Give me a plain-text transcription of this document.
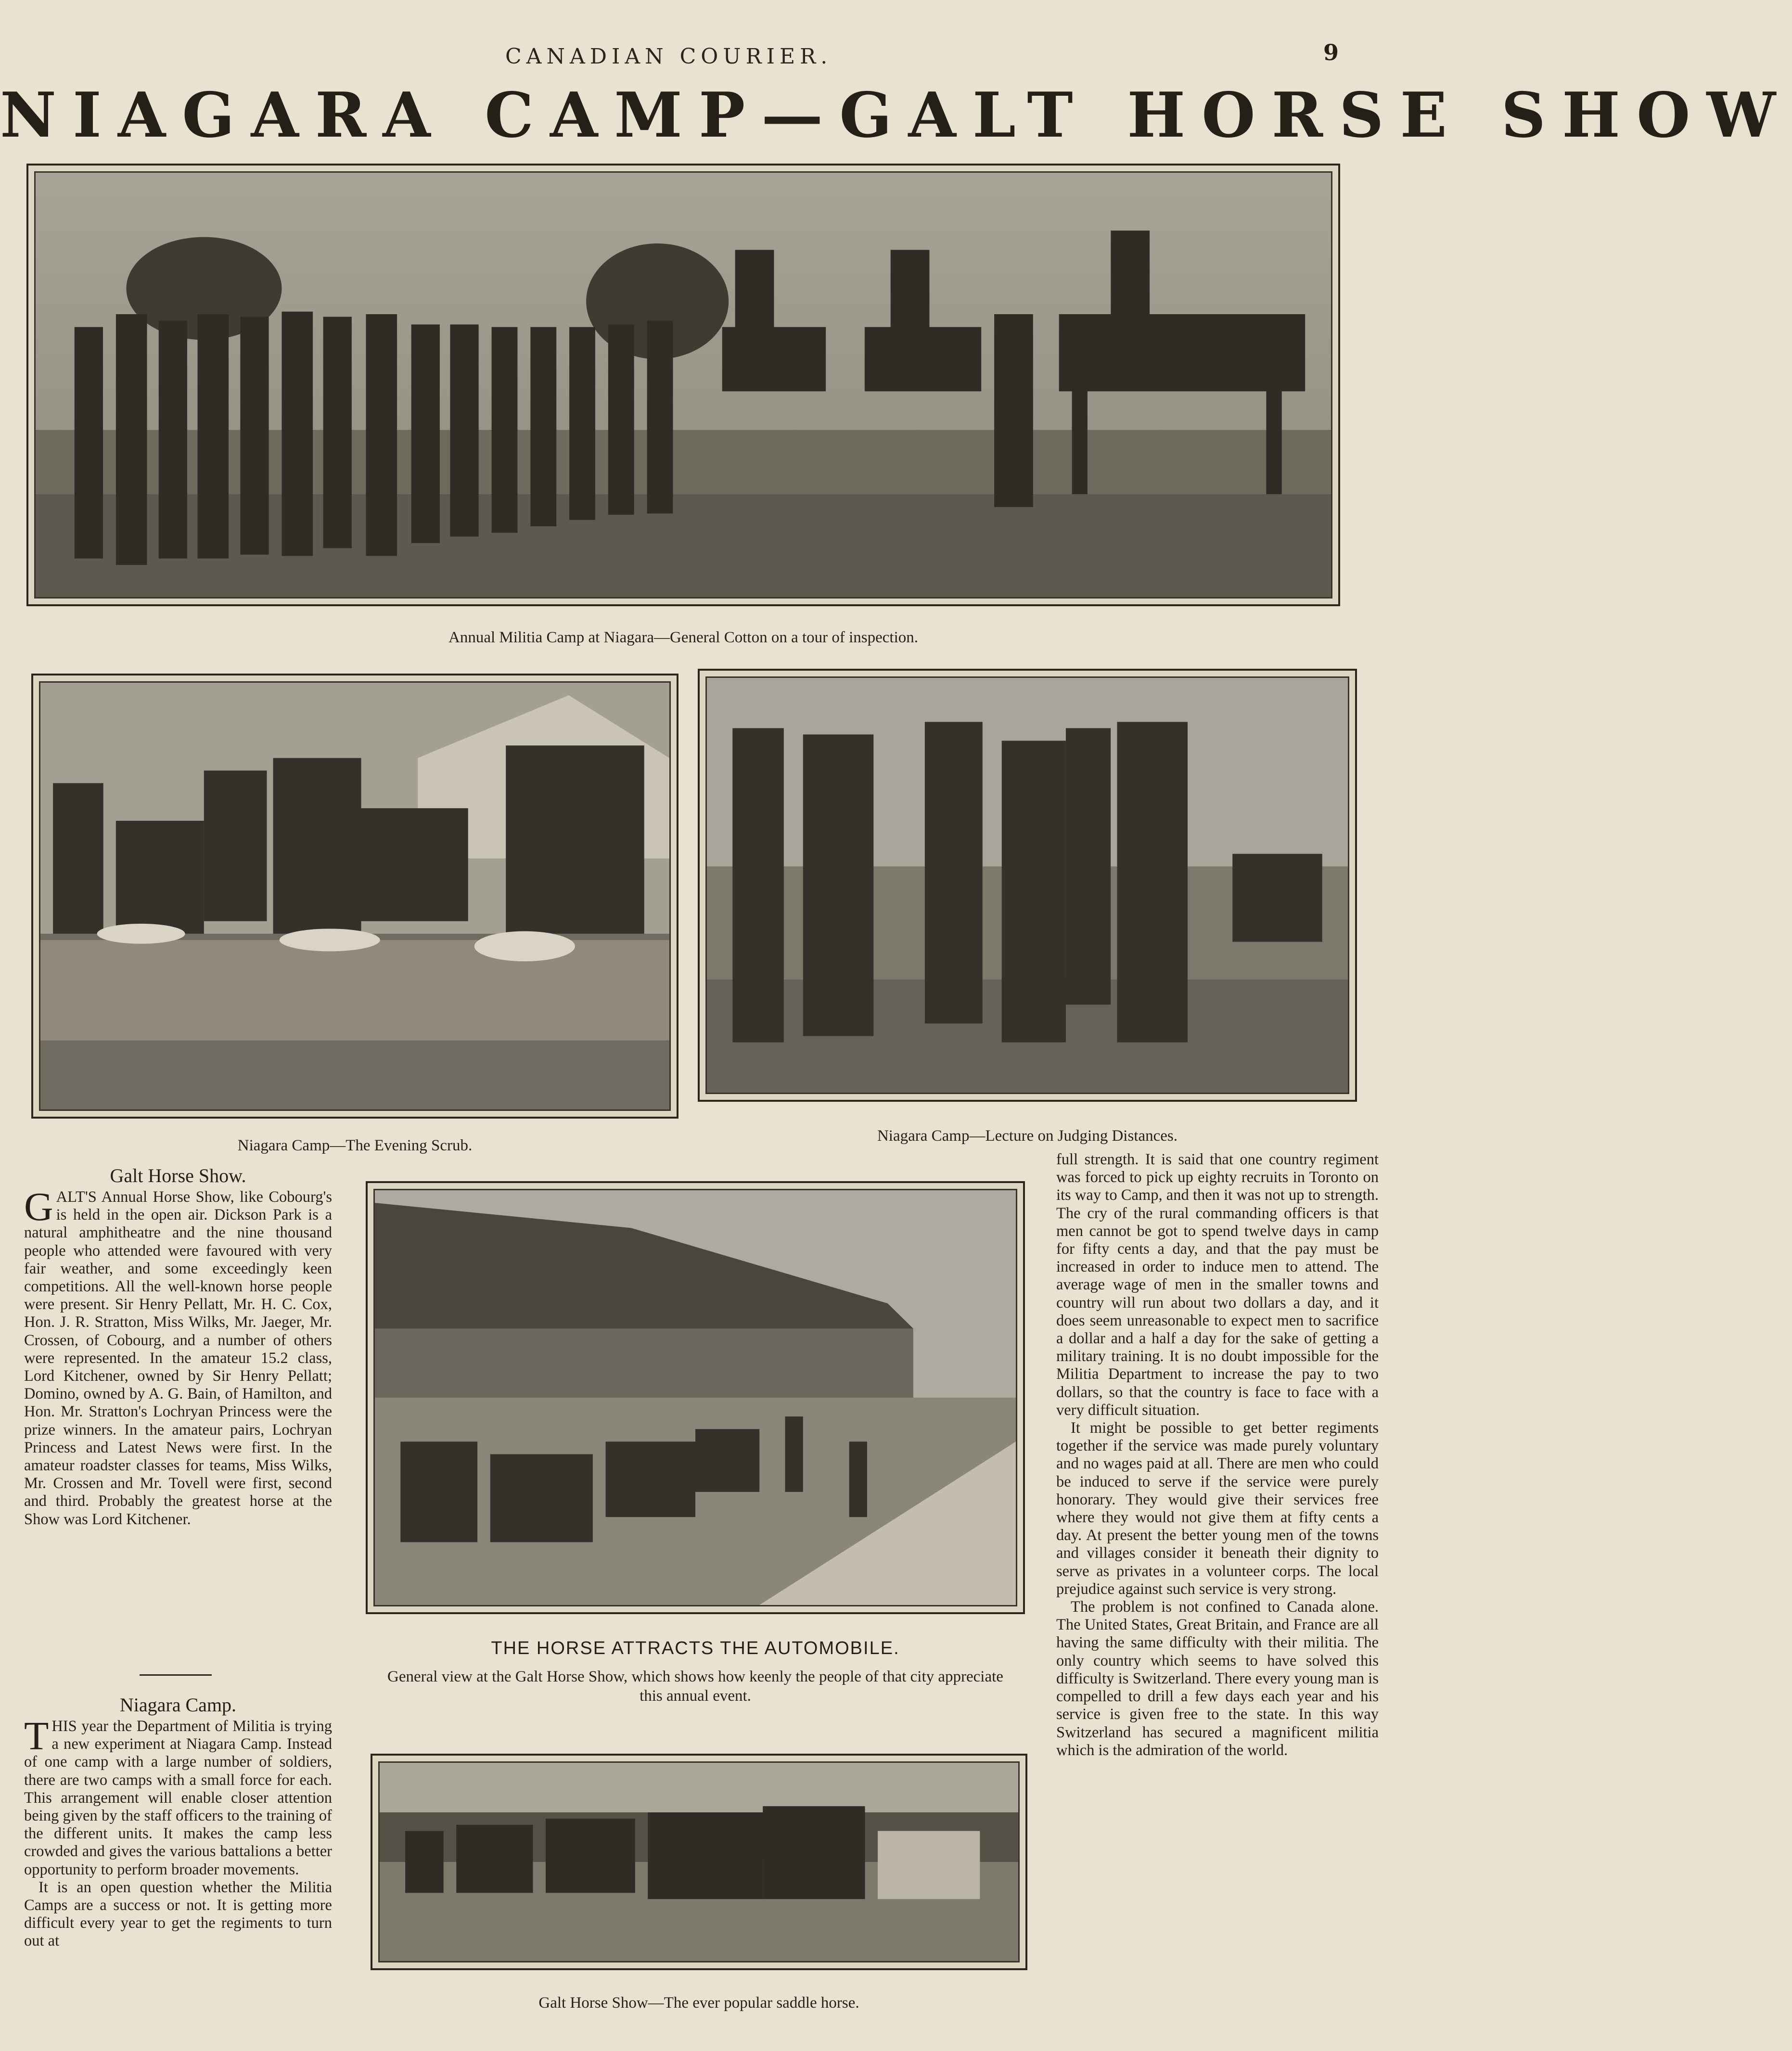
CANADIAN COURIER.	9
NIAGARA CAMP—GALT HORSE SHOW
Annual Militia Camp at Niagara—General Cotton on a tour of inspection.
Niagara Camp—The Evening Scrub.
Niagara Camp—Lecture on Judging Distances.
Galt Horse Show.

GALT'S Annual Horse Show, like Cobourg's is held in the open air. Dickson Park is a natural amphitheatre and the nine thousand people who attended were favoured with very fair weather, and some exceedingly keen competitions. All the well-known horse people were present. Sir Henry Pellatt, Mr. H. C. Cox, Hon. J. R. Stratton, Miss Wilks, Mr. Jaeger, Mr. Crossen, of Cobourg, and a number of others were represented. In the amateur 15.2 class, Lord Kitchener, owned by Sir Henry Pellatt; Domino, owned by A. G. Bain, of Hamilton, and Hon. Mr. Stratton's Lochryan Princess were the prize winners. In the amateur pairs, Lochryan Princess and Latest News were first. In the amateur roadster classes for teams, Miss Wilks, Mr. Crossen and Mr. Tovell were first, second and third. Probably the greatest horse at the Show was Lord Kitchener.

Niagara Camp.

THIS year the Department of Militia is trying a new experiment at Niagara Camp. Instead of one camp with a large number of soldiers, there are two camps with a small force for each. This arrangement will enable closer attention being given by the staff officers to the training of the different units. It makes the camp less crowded and gives the various battalions a better opportunity to perform broader movements.

It is an open question whether the Militia Camps are a success or not. It is getting more difficult every year to get the regiments to turn out at

THE HORSE ATTRACTS THE AUTOMOBILE.
General view at the Galt Horse Show, which shows how keenly the people of that city appreciate this annual event.
Galt Horse Show—The ever popular saddle horse.

full strength. It is said that one country regiment was forced to pick up eighty recruits in Toronto on its way to Camp, and then it was not up to strength. The cry of the rural commanding officers is that men cannot be got to spend twelve days in camp for fifty cents a day, and that the pay must be increased in order to induce men to attend. The average wage of men in the smaller towns and country will run about two dollars a day, and it does seem unreasonable to expect men to sacrifice a dollar and a half a day for the sake of getting a military training. It is no doubt impossible for the Militia Department to increase the pay to two dollars, so that the country is face to face with a very difficult situation.

It might be possible to get better regiments together if the service was made purely voluntary and no wages paid at all. There are men who could be induced to serve if the service were purely honorary. They would give their services free where they would not give them at fifty cents a day. At present the better young men of the towns and villages consider it beneath their dignity to serve as privates in a volunteer corps. The local prejudice against such service is very strong.

The problem is not confined to Canada alone. The United States, Great Britain, and France are all having the same difficulty with their militia. The only country which seems to have solved this difficulty is Switzerland. There every young man is compelled to drill a few days each year and his service is given free to the state. In this way Switzerland has secured a magnificent militia which is the admiration of the world.
